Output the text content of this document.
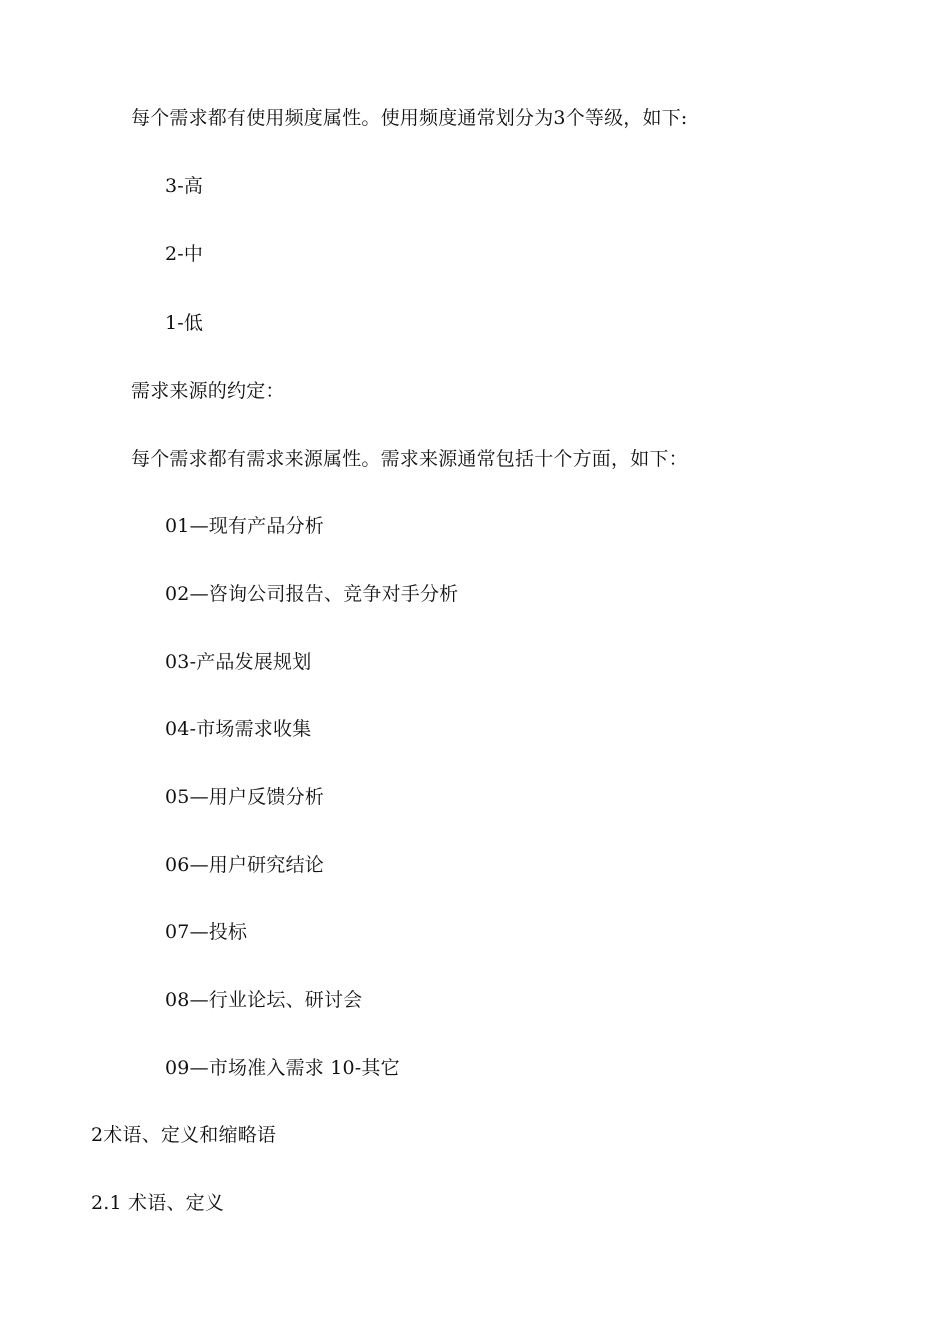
每个需求都有使用频度属性。使用频度通常划分为3个等级，如下:
3-高
2-中
1-低
需求来源的约定：
每个需求都有需求来源属性。需求来源通常包括十个方面，如下：
01—现有产品分析
02—咨询公司报告、竞争对手分析
03-产品发展规划
04-市场需求收集
05—用户反馈分析
06—用户研究结论
07—投标
08—行业论坛、研讨会
09—市场准入需求 10-其它
2术语、定义和缩略语
2.1 术语、定义
